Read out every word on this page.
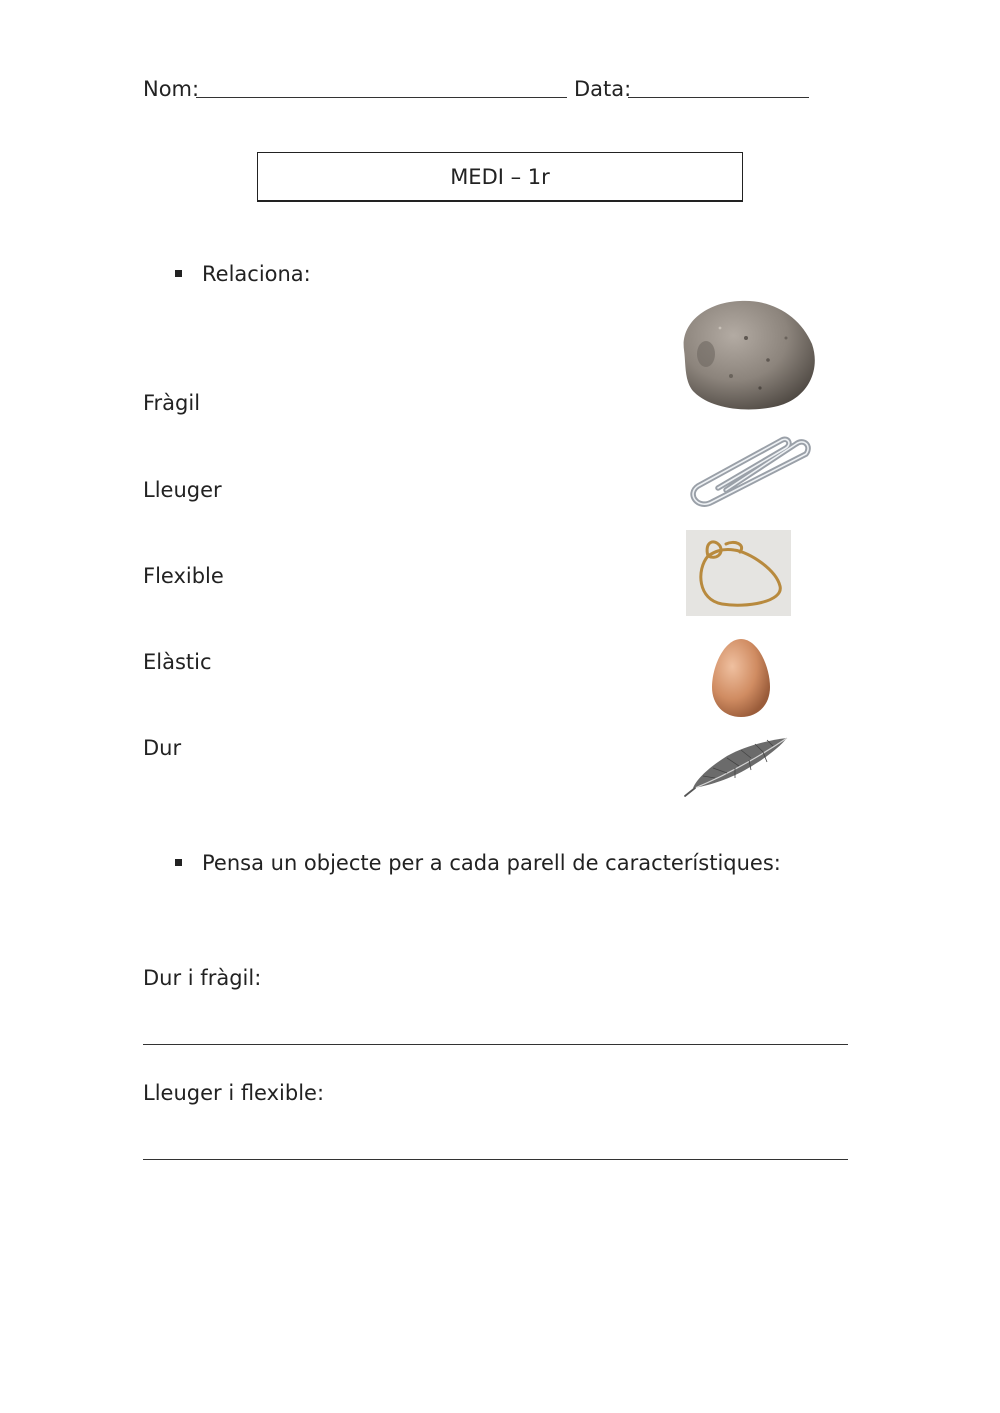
Nom:	Data:
MEDI – 1r
Relaciona:
Fràgil
Lleuger
Flexible
Elàstic
Dur
Pensa un objecte per a cada parell de característiques:
Dur i fràgil:
Lleuger i flexible:
